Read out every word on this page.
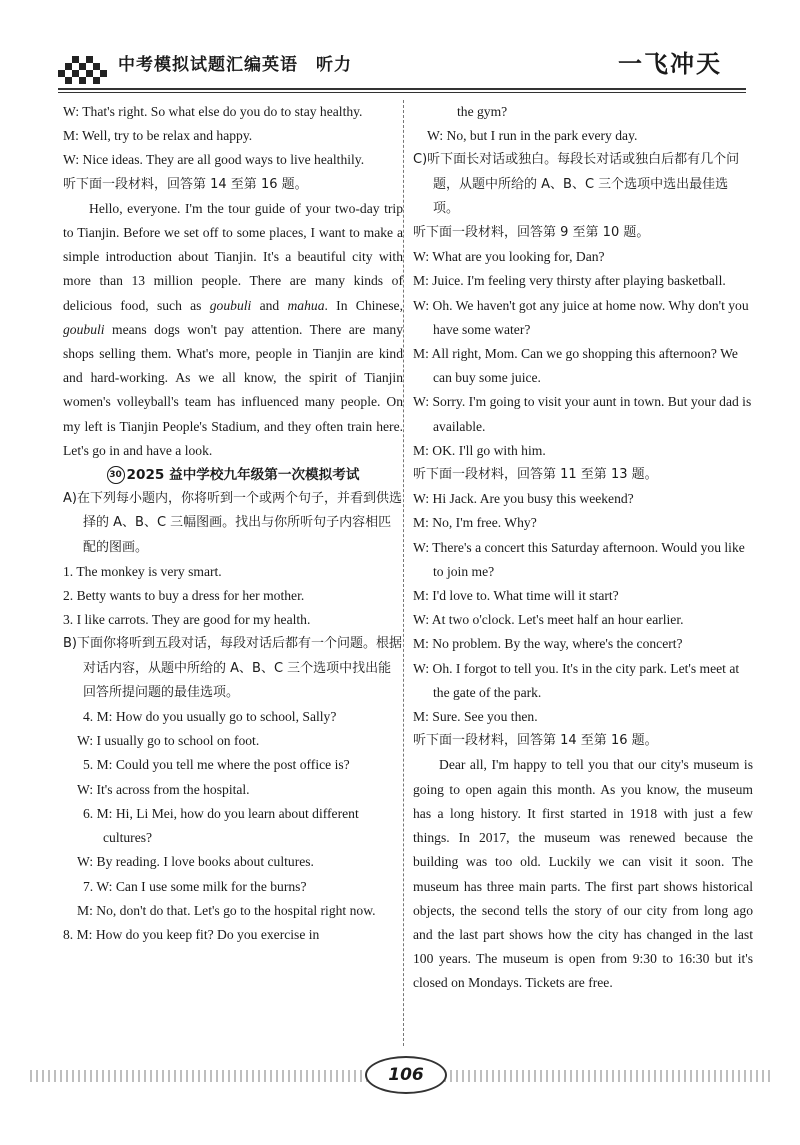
中考模拟试题汇编英语　听力	一飞冲天

W: That's right. So what else do you do to stay healthy.

M: Well, try to be relax and happy.

W: Nice ideas. They are all good ways to live healthily.

听下面一段材料，回答第 14 至第 16 题。

Hello, everyone. I'm the tour guide of your two-day trip to Tianjin. Before we set off to some places, I want to make a simple introduction about Tianjin. It's a beautiful city with more than 13 million people. There are many kinds of delicious food, such as goubuli and mahua. In Chinese, goubuli means dogs won't pay attention. There are many shops selling them. What's more, people in Tianjin are kind and hard-working. As we all know, the spirit of Tianjin women's volleyball's team has influenced many people. On my left is Tianjin People's Stadium, and they often train here. Let's go in and have a look.

30 2025 益中学校九年级第一次模拟考试

A)在下列每小题内，你将听到一个或两个句子，并看到供选择的 A、B、C 三幅图画。找出与你所听句子内容相匹配的图画。

1. The monkey is very smart.

2. Betty wants to buy a dress for her mother.

3. I like carrots. They are good for my health.

B)下面你将听到五段对话，每段对话后都有一个问题。根据对话内容，从题中所给的 A、B、C 三个选项中找出能回答所提问题的最佳选项。

4. M: How do you usually go to school, Sally?

W: I usually go to school on foot.

5. M: Could you tell me where the post office is?

W: It's across from the hospital.

6. M: Hi, Li Mei, how do you learn about different cultures?

W: By reading. I love books about cultures.

7. W: Can I use some milk for the burns?

M: No, don't do that. Let's go to the hospital right now.

8. M: How do you keep fit? Do you exercise in

the gym?

W: No, but I run in the park every day.

C)听下面长对话或独白。每段长对话或独白后都有几个问题，从题中所给的 A、B、C 三个选项中选出最佳选项。

听下面一段材料，回答第 9 至第 10 题。

W: What are you looking for, Dan?

M: Juice. I'm feeling very thirsty after playing basketball.

W: Oh. We haven't got any juice at home now. Why don't you have some water?

M: All right, Mom. Can we go shopping this afternoon? We can buy some juice.

W: Sorry. I'm going to visit your aunt in town. But your dad is available.

M: OK. I'll go with him.

听下面一段材料，回答第 11 至第 13 题。

W: Hi Jack. Are you busy this weekend?

M: No, I'm free. Why?

W: There's a concert this Saturday afternoon. Would you like to join me?

M: I'd love to. What time will it start?

W: At two o'clock. Let's meet half an hour earlier.

M: No problem. By the way, where's the concert?

W: Oh. I forgot to tell you. It's in the city park. Let's meet at the gate of the park.

M: Sure. See you then.

听下面一段材料，回答第 14 至第 16 题。

Dear all, I'm happy to tell you that our city's museum is going to open again this month. As you know, the museum has a long history. It first started in 1918 with just a few things. In 2017, the museum was renewed because the building was too old. Luckily we can visit it soon. The museum has three main parts. The first part shows historical objects, the second tells the story of our city from long ago and the last part shows how the city has changed in the last 100 years. The museum is open from 9:30 to 16:30 but it's closed on Mondays. Tickets are free.

106
